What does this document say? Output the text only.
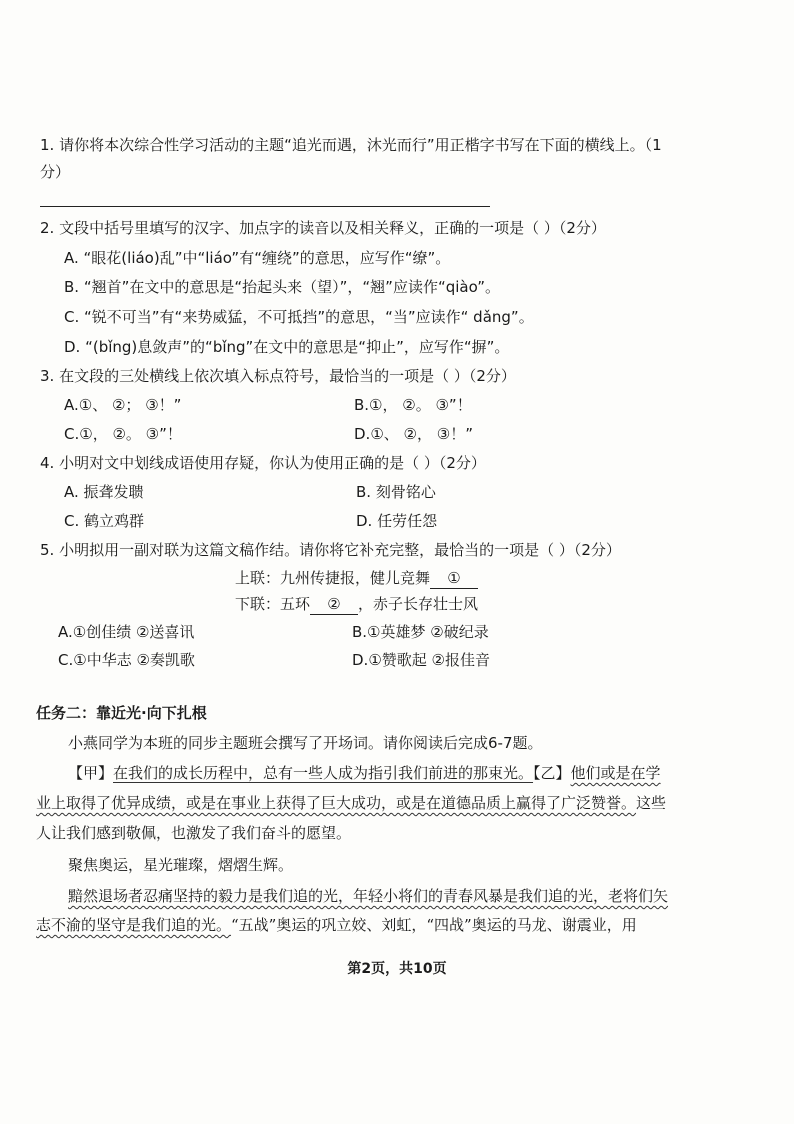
1. 请你将本次综合性学习活动的主题“追光而遇，沐光而行”用正楷字书写在下面的横线上。（1
分）
2. 文段中括号里填写的汉字、加点字的读音以及相关释义，正确的一项是（ ）（2分）
A. “眼花(liáo)乱”中“liáo”有“缠绕”的意思，应写作“缭”。
B. “翘首”在文中的意思是“抬起头来（望）”，“翘”应读作“qiào”。
C. “锐不可当”有“来势威猛，不可抵挡”的意思，“当”应读作“ dǎng”。
D. “(bǐng)息敛声”的“bǐng”在文中的意思是“抑止”，应写作“摒”。
3. 在文段的三处横线上依次填入标点符号，最恰当的一项是（ ）（2分）
A.①、 ②； ③！”	B.①， ②。 ③”！
C.①， ②。 ③”！	D.①、 ②， ③！”
4. 小明对文中划线成语使用存疑，你认为使用正确的是（ ）（2分）
A. 振聋发聩	B. 刻骨铭心
C. 鹤立鸡群	D. 任劳任怨
5. 小明拟用一副对联为这篇文稿作结。请你将它补充完整，最恰当的一项是（ ）（2分）
上联：九州传捷报，健儿竞舞 ①
下联：五环 ② ，赤子长存壮士风
A.①创佳绩 ②送喜讯	B.①英雄梦 ②破纪录
C.①中华志 ②奏凯歌	D.①赞歌起 ②报佳音
任务二：靠近光·向下扎根
小燕同学为本班的同步主题班会撰写了开场词。请你阅读后完成6-7题。
【甲】在我们的成长历程中，总有一些人成为指引我们前进的那束光。【乙】他们或是在学
业上取得了优异成绩，或是在事业上获得了巨大成功，或是在道德品质上赢得了广泛赞誉。这些
人让我们感到敬佩，也激发了我们奋斗的愿望。
聚焦奥运，星光璀璨，熠熠生辉。
黯然退场者忍痛坚持的毅力是我们追的光，年轻小将们的青春风暴是我们追的光，老将们矢
志不渝的坚守是我们追的光。“五战”奥运的巩立姣、刘虹，“四战”奥运的马龙、谢震业，用
第2页，共10页
